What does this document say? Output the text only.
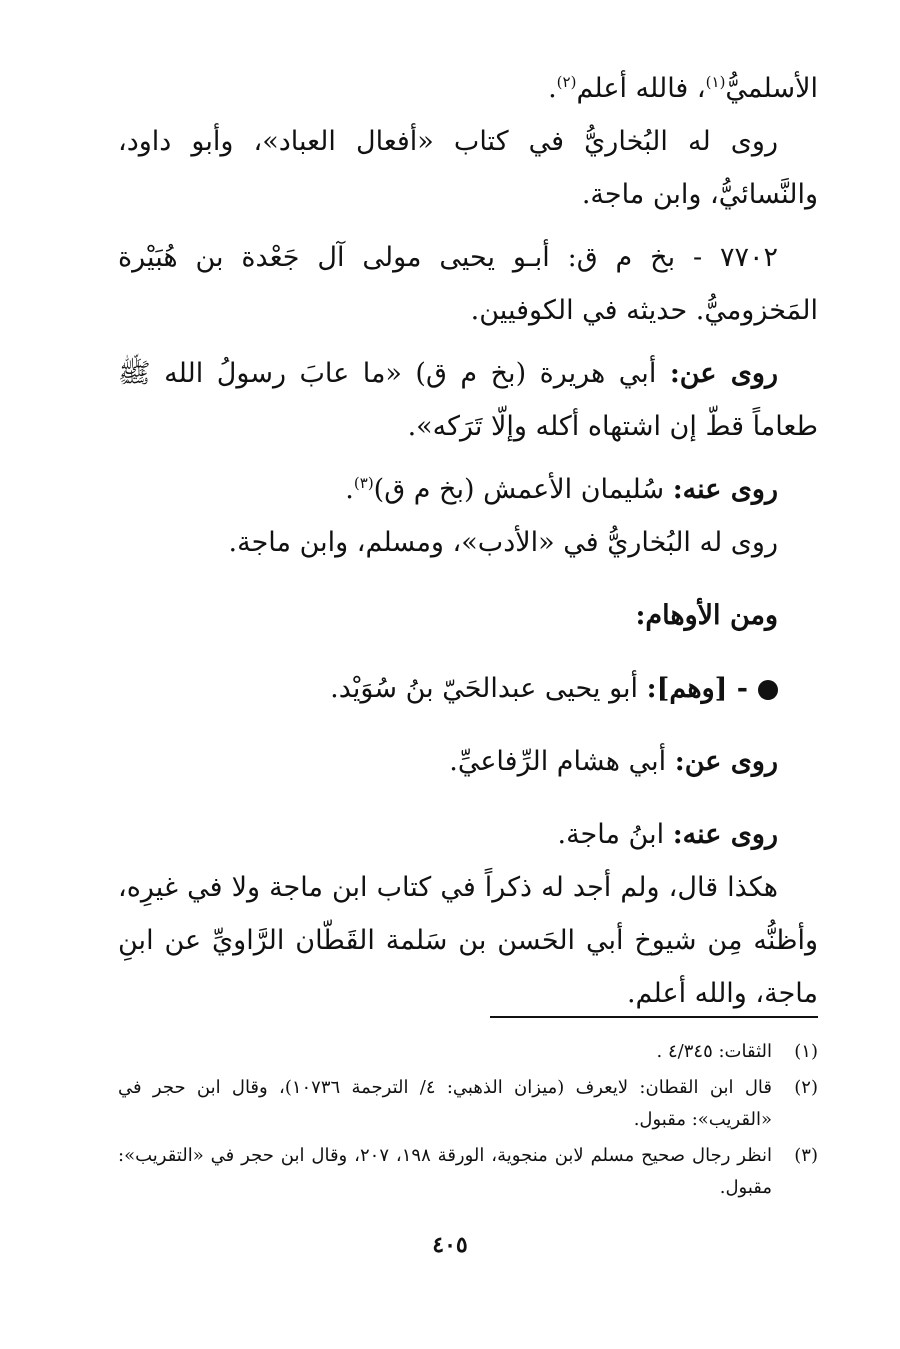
الأسلميُّ$^{(١)}$، فالله أعلم$^{(٢)}$.

روى له البُخاريُّ في كتاب «أفعال العباد»، وأبو داود، والنَّسائيُّ، وابن ماجة.

٧٧٠٢ - بخ م ق: أبـو يحيى مولى آل جَعْدة بن هُبَيْرة المَخزوميُّ. حديثه في الكوفيين.

روى عن: أبي هريرة (بخ م ق) «ما عابَ رسولُ الله ﷺ طعاماً قطّ إن اشتهاه أكله وإلّا تَرَكه».

روى عنه: سُليمان الأعمش (بخ م ق)$^{(٣)}$.

روى له البُخاريُّ في «الأدب»، ومسلم، وابن ماجة.

ومن الأوهام:

- [وهم]: أبو يحيى عبدالحَيّ بنُ سُوَيْد.

روى عن: أبي هشام الرِّفاعيِّ.

روى عنه: ابنُ ماجة.

هكذا قال، ولم أجد له ذكراً في كتاب ابن ماجة ولا في غيرِه، وأظنُّه مِن شيوخ أبي الحَسن بن سَلمة القَطّان الرَّاويِّ عن ابنِ ماجة، والله أعلم.

(١)
الثقات: ٤/٣٤٥ .
(٢)
قال ابن القطان: لايعرف (ميزان الذهبي: ٤/ الترجمة ١٠٧٣٦)، وقال ابن حجر في «القريب»: مقبول.
(٣)
انظر رجال صحيح مسلم لابن منجوية، الورقة ١٩٨، ٢٠٧، وقال ابن حجر في «التقريب»: مقبول.
٤٠٥
